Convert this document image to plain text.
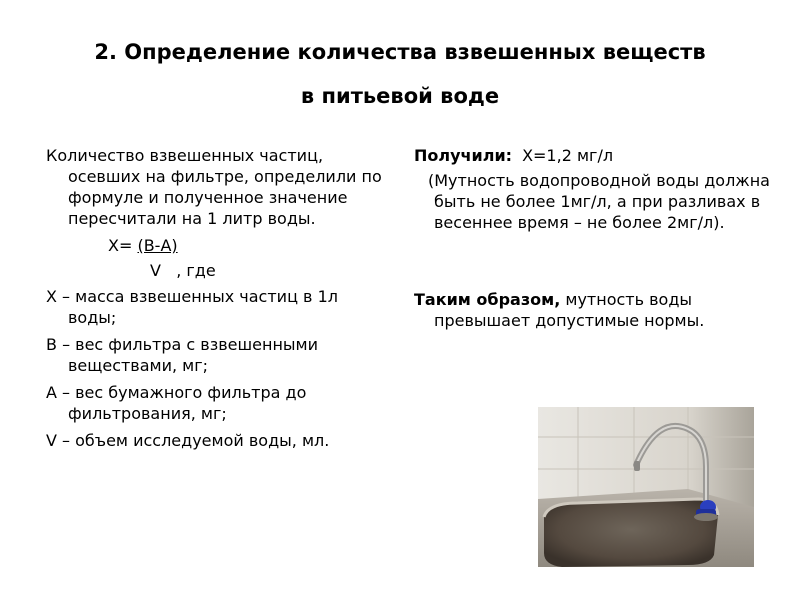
2. Определение количества взвешенных веществ
в питьевой воде

Количество взвешенных частиц, осевших на фильтре, определили по формуле и полученное значение пересчитали на 1 литр воды.

Х= (В-А)
V   , где

Х – масса взвешенных частиц в 1л воды;

В – вес фильтра с взвешенными веществами, мг;

А – вес бумажного фильтра до фильтрования, мг;

V – объем исследуемой воды, мл.

Получили: Х=1,2 мг/л

(Мутность водопроводной воды должна быть не более 1мг/л, а при разливах в весеннее время – не более 2мг/л).

Таким образом, мутность воды превышает допустимые нормы.
